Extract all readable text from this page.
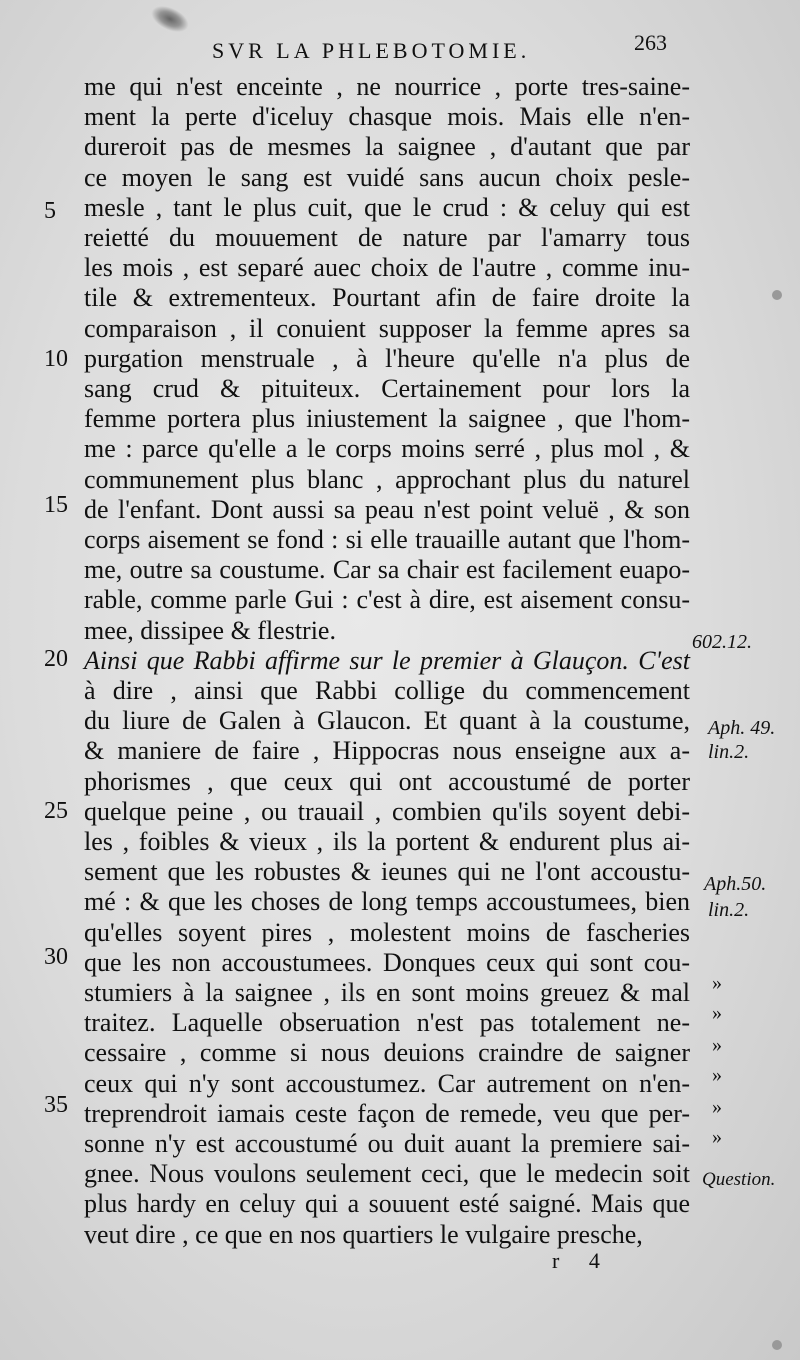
SVR LA PHLEBOTOMIE.	263
me qui n'est enceinte , ne nourrice , porte tres-saine-
ment la perte d'iceluy chasque mois. Mais elle n'en-
dureroit pas de mesmes la saignee , d'autant que par
ce moyen le sang est vuidé sans aucun choix pesle-
mesle , tant le plus cuit, que le crud : & celuy qui est
reietté du mouuement de nature par l'amarry tous
les mois , est separé auec choix de l'autre , comme inu-
tile & extrementeux. Pourtant afin de faire droite la
comparaison , il conuient supposer la femme apres sa
purgation menstruale , à l'heure qu'elle n'a plus de
sang crud & pituiteux. Certainement pour lors la
femme portera plus iniustement la saignee , que l'hom-
me : parce qu'elle a le corps moins serré , plus mol , &
communement plus blanc , approchant plus du naturel
de l'enfant. Dont aussi sa peau n'est point veluë , & son
corps aisement se fond : si elle trauaille autant que l'hom-
me, outre sa coustume. Car sa chair est facilement euapo-
rable, comme parle Gui : c'est à dire, est aisement consu-
mee, dissipee & flestrie.
Ainsi que Rabbi affirme sur le premier à Glauçon. C'est
à dire , ainsi que Rabbi collige du commencement
du liure de Galen à Glaucon. Et quant à la coustume,
& maniere de faire , Hippocras nous enseigne aux a-
phorismes , que ceux qui ont accoustumé de porter
quelque peine , ou trauail , combien qu'ils soyent debi-
les , foibles & vieux , ils la portent & endurent plus ai-
sement que les robustes & ieunes qui ne l'ont accoustu-
mé : & que les choses de long temps accoustumees, bien
qu'elles soyent pires , molestent moins de fascheries
que les non accoustumees. Donques ceux qui sont cou-
stumiers à la saignee , ils en sont moins greuez & mal
traitez. Laquelle obseruation n'est pas totalement ne-
cessaire , comme si nous deuions craindre de saigner
ceux qui n'y sont accoustumez. Car autrement on n'en-
treprendroit iamais ceste façon de remede, veu que per-
sonne n'y est accoustumé ou duit auant la premiere sai-
gnee. Nous voulons seulement ceci, que le medecin soit
plus hardy en celuy qui a souuent esté saigné. Mais que
veut dire , ce que en nos quartiers le vulgaire presche,
5
10
15
20
25
30
35
602.12.
Aph. 49.
lin.2.
Aph.50.
lin.2.
Question.
»
»
»
»
»
»
r 4
